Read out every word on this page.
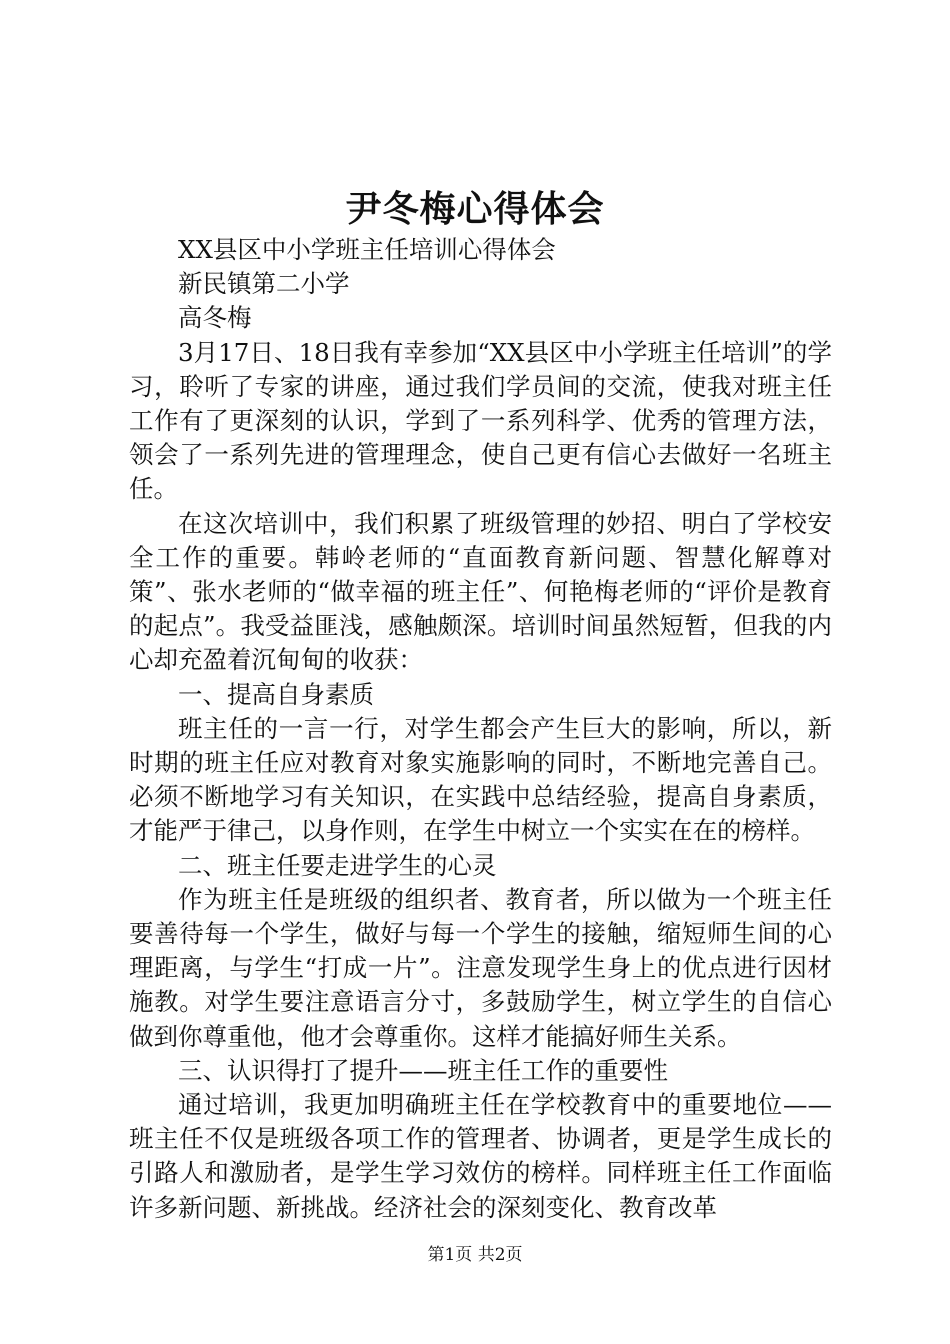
尹冬梅心得体会

XX县区中小学班主任培训心得体会

新民镇第二小学

高冬梅

3月17日、18日我有幸参加“XX县区中小学班主任培训”的学习，聆听了专家的讲座，通过我们学员间的交流，使我对班主任工作有了更深刻的认识，学到了一系列科学、优秀的管理方法，领会了一系列先进的管理理念，使自己更有信心去做好一名班主任。

在这次培训中，我们积累了班级管理的妙招、明白了学校安全工作的重要。韩岭老师的“直面教育新问题、智慧化解尊对策”、张水老师的“做幸福的班主任”、何艳梅老师的“评价是教育的起点”。我受益匪浅，感触颇深。培训时间虽然短暂，但我的内心却充盈着沉甸甸的收获：

一、提高自身素质

班主任的一言一行，对学生都会产生巨大的影响，所以，新时期的班主任应对教育对象实施影响的同时，不断地完善自己。必须不断地学习有关知识，在实践中总结经验，提高自身素质，才能严于律己，以身作则，在学生中树立一个实实在在的榜样。

二、班主任要走进学生的心灵

作为班主任是班级的组织者、教育者，所以做为一个班主任要善待每一个学生，做好与每一个学生的接触，缩短师生间的心理距离，与学生“打成一片”。注意发现学生身上的优点进行因材施教。对学生要注意语言分寸，多鼓励学生，树立学生的自信心做到你尊重他，他才会尊重你。这样才能搞好师生关系。

三、认识得打了提升——班主任工作的重要性

通过培训，我更加明确班主任在学校教育中的重要地位——班主任不仅是班级各项工作的管理者、协调者，更是学生成长的引路人和激励者，是学生学习效仿的榜样。同样班主任工作面临许多新问题、新挑战。经济社会的深刻变化、教育改革

第1页 共2页
